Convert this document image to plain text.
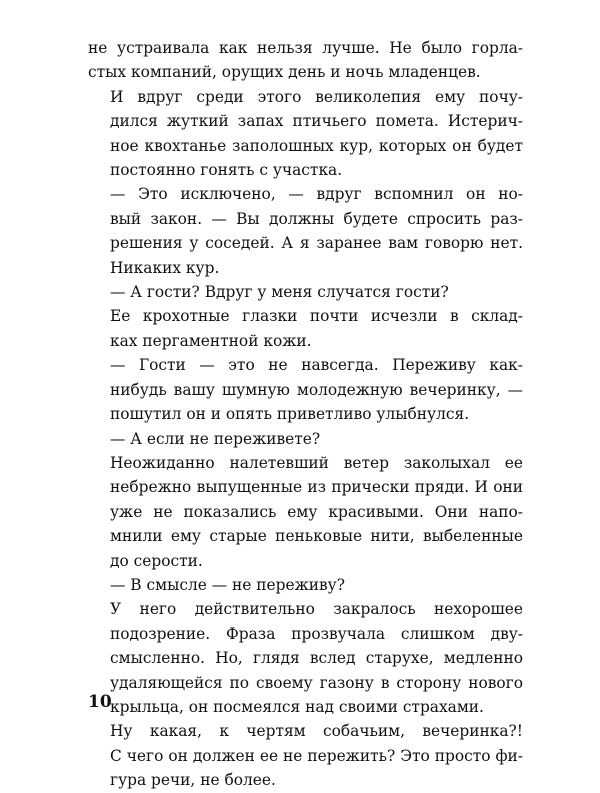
не устраивала как нельзя лучше. Не было горла-
стых компаний, орущих день и ночь младенцев.
И вдруг среди этого великолепия ему почу-
дился жуткий запах птичьего помета. Истерич-
ное квохтанье заполошных кур, которых он будет
постоянно гонять с участка.
— Это исключено, — вдруг вспомнил он но-
вый закон. — Вы должны будете спросить раз-
решения у соседей. А я заранее вам говорю нет.
Никаких кур.
— А гости? Вдруг у меня случатся гости?
Ее крохотные глазки почти исчезли в склад-
ках пергаментной кожи.
— Гости — это не навсегда. Переживу как-
нибудь вашу шумную молодежную вечеринку, —
пошутил он и опять приветливо улыбнулся.
— А если не переживете?
Неожиданно налетевший ветер заколыхал ее
небрежно выпущенные из прически пряди. И они
уже не показались ему красивыми. Они напо-
мнили ему старые пеньковые нити, выбеленные
до серости.
— В смысле — не переживу?
У него действительно закралось нехорошее
подозрение. Фраза прозвучала слишком дву-
смысленно. Но, глядя вслед старухе, медленно
удаляющейся по своему газону в сторону нового
крыльца, он посмеялся над своими страхами.
Ну какая, к чертям собачьим, вечеринка?!
С чего он должен ее не пережить? Это просто фи-
гура речи, не более.
10
